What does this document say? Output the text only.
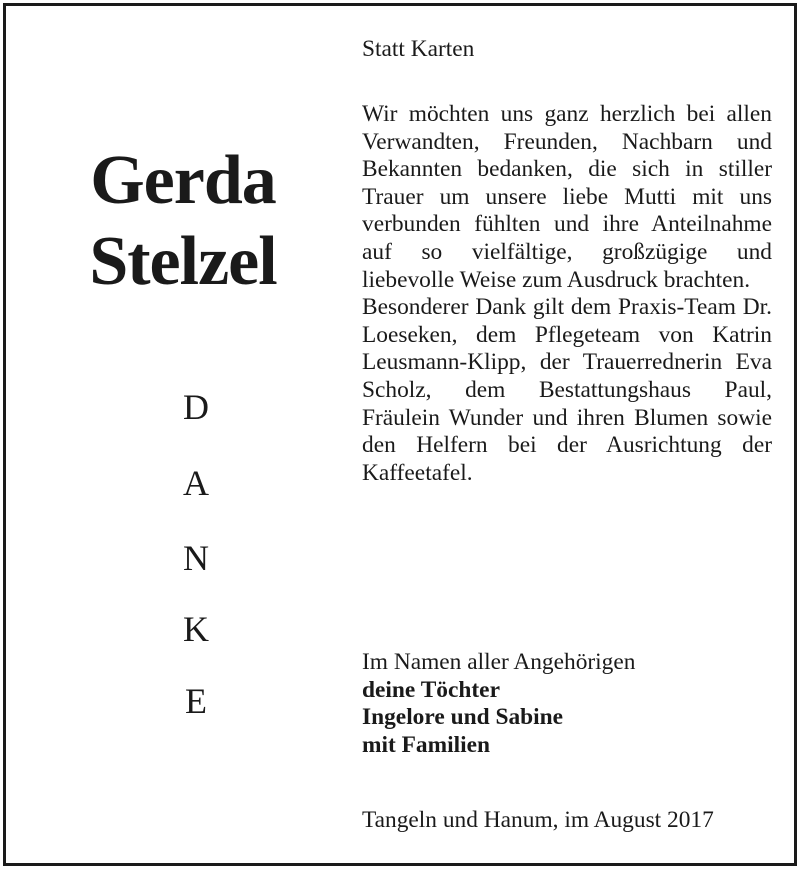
Gerda
Stelzel
D
A
N
K
E
Statt Karten

Wir möchten uns ganz herzlich bei allen Verwandten, Freunden, Nachbarn und Bekannten bedanken, die sich in stiller Trauer um unsere liebe Mutti mit uns verbunden fühlten und ihre Anteilnahme auf so vielfältige, großzügige und liebevolle Weise zum Ausdruck brachten.

Besonderer Dank gilt dem Praxis-Team Dr. Loeseken, dem Pflegeteam von Katrin Leusmann-Klipp, der Trauerrednerin Eva Scholz, dem Bestattungshaus Paul, Fräulein Wunder und ihren Blumen sowie den Helfern bei der Ausrichtung der Kaffeetafel.

Im Namen aller Angehörigen
deine Töchter
Ingelore und Sabine
mit Familien
Tangeln und Hanum, im August 2017
